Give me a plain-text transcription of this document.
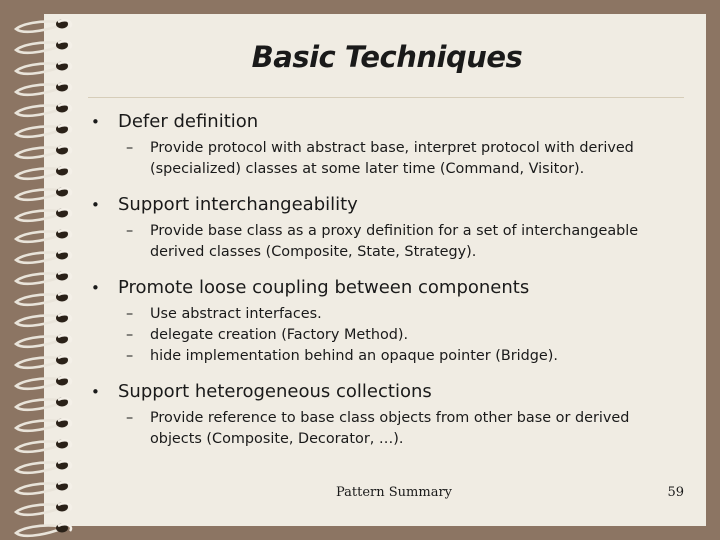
Basic Techniques
• Defer definition
– Provide protocol with abstract base, interpret protocol with derived (specialized) classes at some later time (Command, Visitor).
• Support interchangeability
– Provide base class as a proxy definition for a set of interchangeable derived classes (Composite, State, Strategy).
• Promote loose coupling between components
– Use abstract interfaces.
– delegate creation (Factory Method).
– hide implementation behind an opaque pointer (Bridge).
• Support heterogeneous collections
– Provide reference to base class objects from other base or derived objects (Composite, Decorator, …).
Pattern Summary	59
